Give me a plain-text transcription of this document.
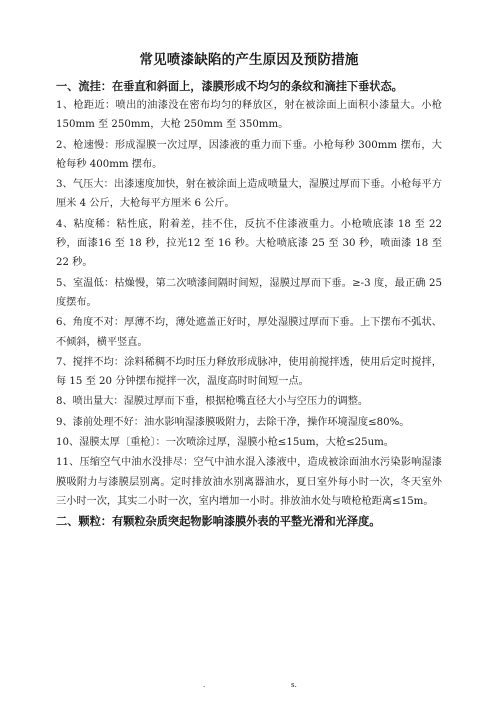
常见喷漆缺陷的产生原因及预防措施

一、流挂：在垂直和斜面上，漆膜形成不均匀的条纹和滴挂下垂状态。

1、枪距近：喷出的油漆没在密布均匀的释放区，射在被涂面上面积小漆量大。小枪 150mm 至 250mm，大枪 250mm 至 350mm。

2、枪速慢：形成湿膜一次过厚，因漆液的重力而下垂。小枪每秒 300mm 摆布，大枪每秒 400mm 摆布。

3、气压大：出漆速度加快，射在被涂面上造成喷量大，湿膜过厚而下垂。小枪每平方厘米 4 公斤，大枪每平方厘米 6 公斤。

4、粘度稀：粘性底，附着差，挂不住，反抗不住漆液重力。小枪喷底漆 18 至 22 秒，面漆16 至 18 秒，拉光12 至 16 秒。大枪喷底漆 25 至 30 秒，喷面漆 18 至 22 秒。

5、室温低：枯燥慢，第二次喷漆间隔时间短，湿膜过厚而下垂。≥-3 度，最正确 25 度摆布。

6、角度不对：厚薄不均，薄处遮盖正好时，厚处湿膜过厚而下垂。上下摆布不弧状、不倾斜，横平竖直。

7、搅拌不均：涂料稀稠不均时压力释放形成脉冲，使用前搅拌透，使用后定时搅拌，每 15 至 20 分钟摆布搅拌一次，温度高时时间短一点。

8、喷出量大：湿膜过厚而下垂，根据枪嘴直径大小与空压力的调整。

9、漆前处理不好：油水影响湿漆膜吸附力，去除干净，操作环境湿度≤80%。

10、湿膜太厚〔重枪〕：一次喷涂过厚，湿膜小枪≤15um，大枪≤25um。

11、压缩空气中油水没排尽：空气中油水混入漆液中，造成被涂面油水污染影响湿漆膜吸附力与漆膜层别离。定时排放油水别离器油水，夏日室外每小时一次，冬天室外三小时一次，其实二小时一次，室内增加一小时。排放油水处与喷枪枪距离≤15m。

二、颗粒：有颗粒杂质突起物影响漆膜外表的平整光滑和光泽度。

.	s.
